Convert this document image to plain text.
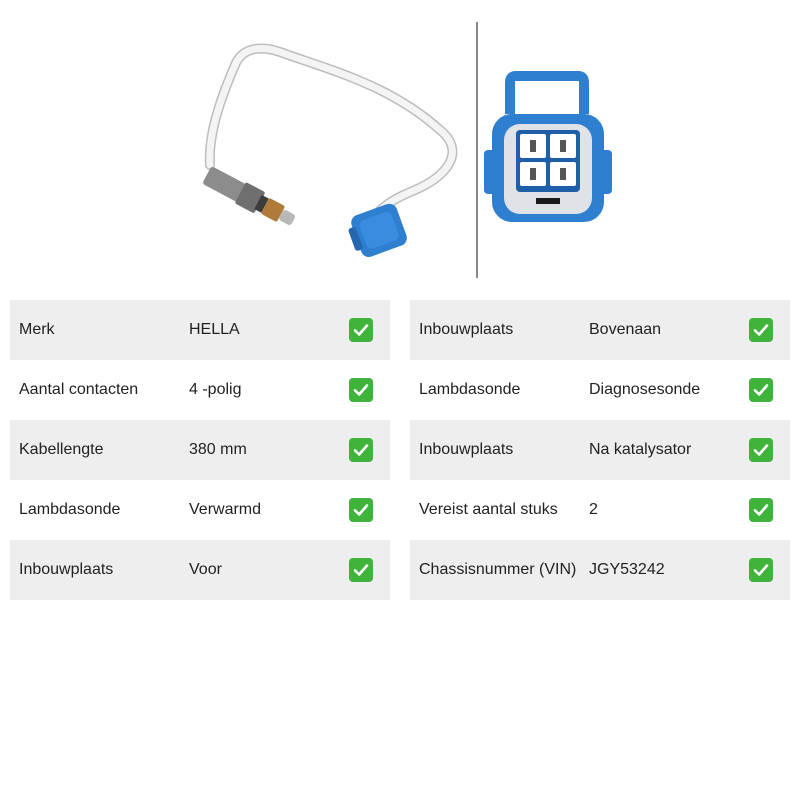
Merk	HELLA
Aantal contacten	4 -polig
Kabellengte	380 mm
Lambdasonde	Verwarmd
Inbouwplaats	Voor
Inbouwplaats	Bovenaan
Lambdasonde	Diagnosesonde
Inbouwplaats	Na katalysator
Vereist aantal stuks 2
Chassisnummer (VIN) JGY53242
